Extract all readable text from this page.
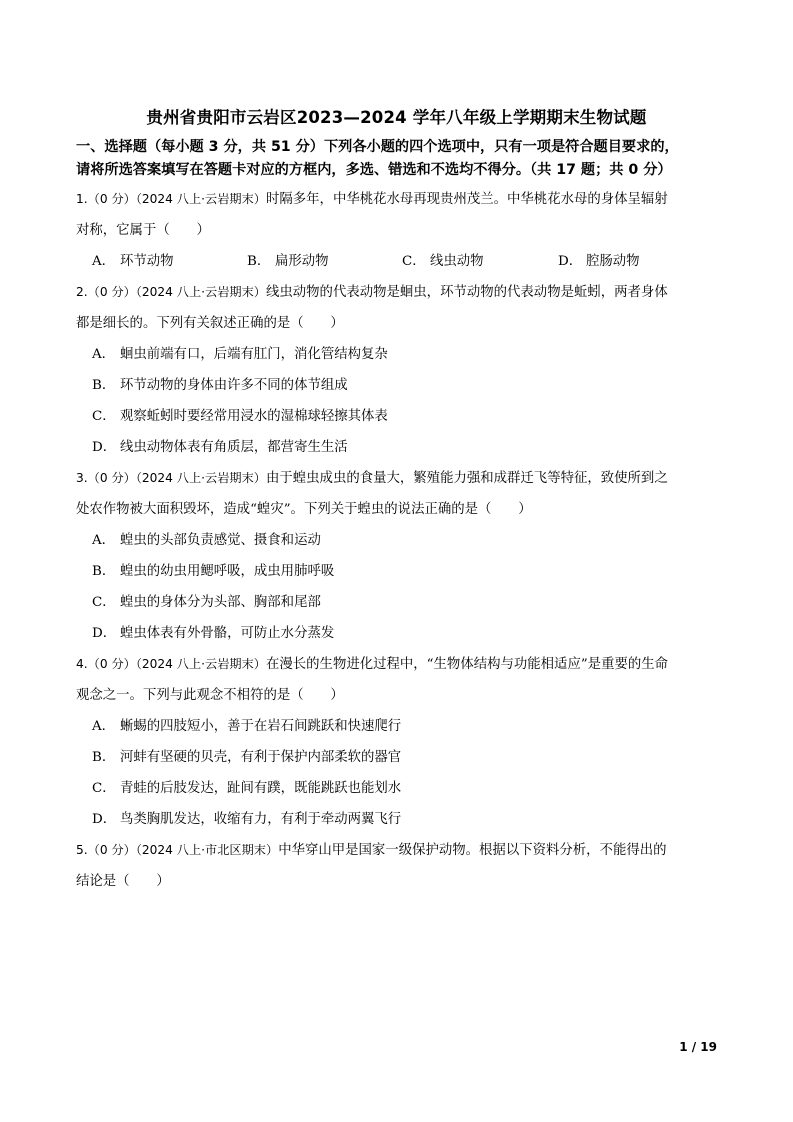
贵州省贵阳市云岩区2023—2024 学年八年级上学期期末生物试题
一、选择题（每小题 3 分，共 51 分）下列各小题的四个选项中，只有一项是符合题目要求的，
请将所选答案填写在答题卡对应的方框内，多选、错选和不选均不得分。（共 17 题；共 0 分）
1.（0 分）（2024 八上·云岩期末）时隔多年，中华桃花水母再现贵州茂兰。中华桃花水母的身体呈辐射
对称，它属于（　　）
A． 环节动物	B． 扁形动物	C． 线虫动物	D． 腔肠动物
2.（0 分）（2024 八上·云岩期末）线虫动物的代表动物是蛔虫，环节动物的代表动物是蚯蚓，两者身体
都是细长的。下列有关叙述正确的是（　　）
A． 蛔虫前端有口，后端有肛门，消化管结构复杂
B． 环节动物的身体由许多不同的体节组成
C． 观察蚯蚓时要经常用浸水的湿棉球轻擦其体表
D． 线虫动物体表有角质层，都营寄生生活
3.（0 分）（2024 八上·云岩期末）由于蝗虫成虫的食量大，繁殖能力强和成群迁飞等特征，致使所到之
处农作物被大面积毁坏，造成“蝗灾”。下列关于蝗虫的说法正确的是（　　）
A． 蝗虫的头部负责感觉、摄食和运动
B． 蝗虫的幼虫用鳃呼吸，成虫用肺呼吸
C． 蝗虫的身体分为头部、胸部和尾部
D． 蝗虫体表有外骨骼，可防止水分蒸发
4.（0 分）（2024 八上·云岩期末）在漫长的生物进化过程中，“生物体结构与功能相适应”是重要的生命
观念之一。下列与此观念不相符的是（　　）
A． 蜥蜴的四肢短小，善于在岩石间跳跃和快速爬行
B． 河蚌有坚硬的贝壳，有利于保护内部柔软的器官
C． 青蛙的后肢发达，趾间有蹼，既能跳跃也能划水
D． 鸟类胸肌发达，收缩有力，有利于牵动两翼飞行
5.（0 分）（2024 八上·市北区期末）中华穿山甲是国家一级保护动物。根据以下资料分析，不能得出的
结论是（　　）
1 / 19
